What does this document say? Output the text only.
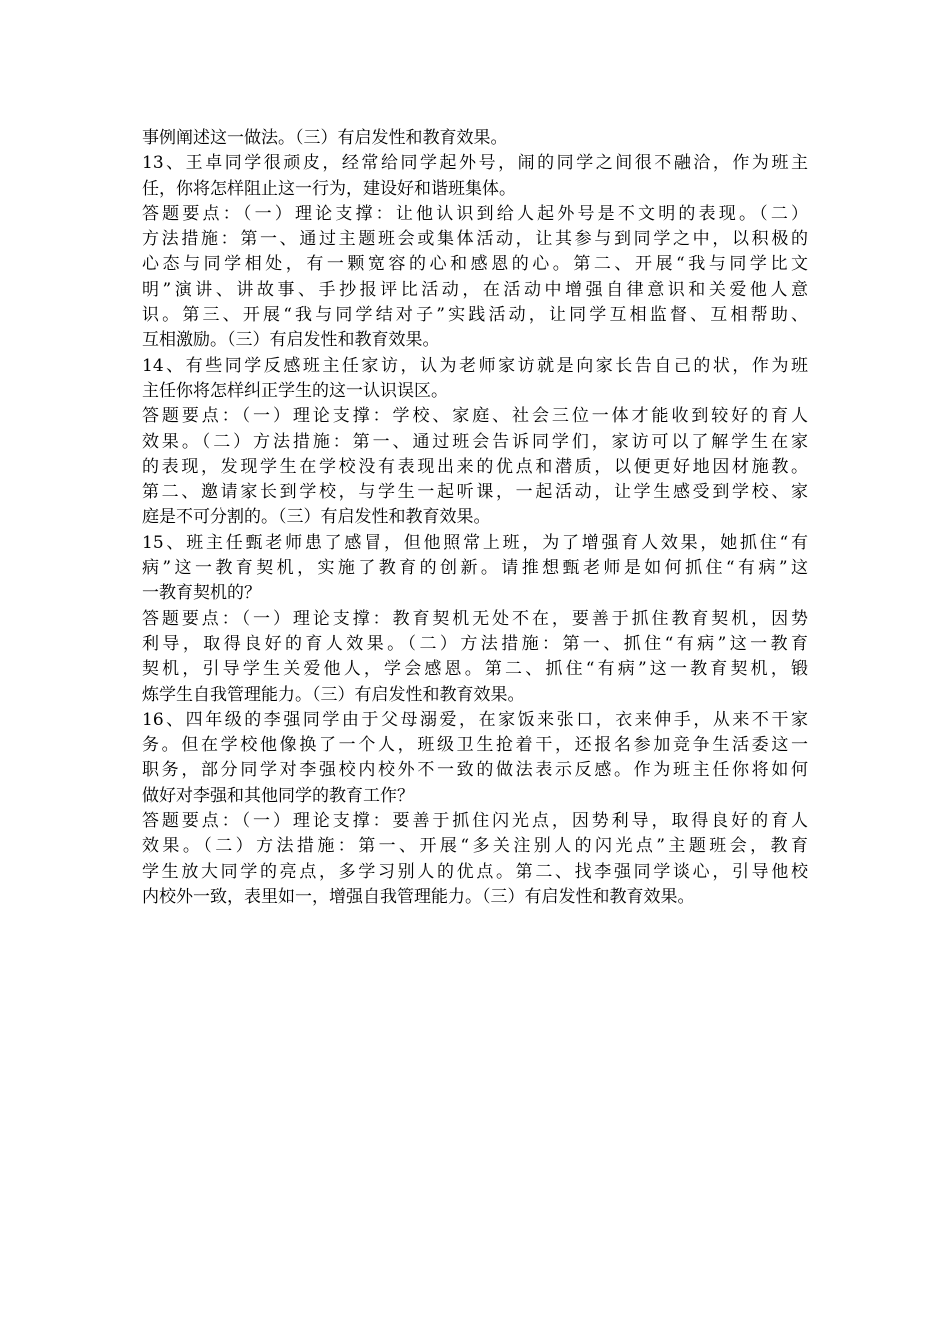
事例阐述这一做法。（三）有启发性和教育效果。
13、王卓同学很顽皮，经常给同学起外号，闹的同学之间很不融洽，作为班主
任，你将怎样阻止这一行为，建设好和谐班集体。
答题要点：（一）理论支撑：让他认识到给人起外号是不文明的表现。（二）
方法措施：第一、通过主题班会或集体活动，让其参与到同学之中，以积极的
心态与同学相处，有一颗宽容的心和感恩的心。第二、开展“我与同学比文
明”演讲、讲故事、手抄报评比活动，在活动中增强自律意识和关爱他人意
识。第三、开展“我与同学结对子”实践活动，让同学互相监督、互相帮助、
互相激励。（三）有启发性和教育效果。
14、有些同学反感班主任家访，认为老师家访就是向家长告自己的状，作为班
主任你将怎样纠正学生的这一认识误区。
答题要点：（一）理论支撑：学校、家庭、社会三位一体才能收到较好的育人
效果。（二）方法措施：第一、通过班会告诉同学们，家访可以了解学生在家
的表现，发现学生在学校没有表现出来的优点和潜质，以便更好地因材施教。
第二、邀请家长到学校，与学生一起听课，一起活动，让学生感受到学校、家
庭是不可分割的。（三）有启发性和教育效果。
15、班主任甄老师患了感冒，但他照常上班，为了增强育人效果，她抓住“有
病”这一教育契机，实施了教育的创新。请推想甄老师是如何抓住“有病”这
一教育契机的？
答题要点：（一）理论支撑：教育契机无处不在，要善于抓住教育契机，因势
利导，取得良好的育人效果。（二）方法措施：第一、抓住“有病”这一教育
契机，引导学生关爱他人，学会感恩。第二、抓住“有病”这一教育契机，锻
炼学生自我管理能力。（三）有启发性和教育效果。
16、四年级的李强同学由于父母溺爱，在家饭来张口，衣来伸手，从来不干家
务。但在学校他像换了一个人，班级卫生抢着干，还报名参加竞争生活委这一
职务，部分同学对李强校内校外不一致的做法表示反感。作为班主任你将如何
做好对李强和其他同学的教育工作？
答题要点：（一）理论支撑：要善于抓住闪光点，因势利导，取得良好的育人
效果。（二）方法措施：第一、开展“多关注别人的闪光点”主题班会，教育
学生放大同学的亮点，多学习别人的优点。第二、找李强同学谈心，引导他校
内校外一致，表里如一，增强自我管理能力。（三）有启发性和教育效果。
